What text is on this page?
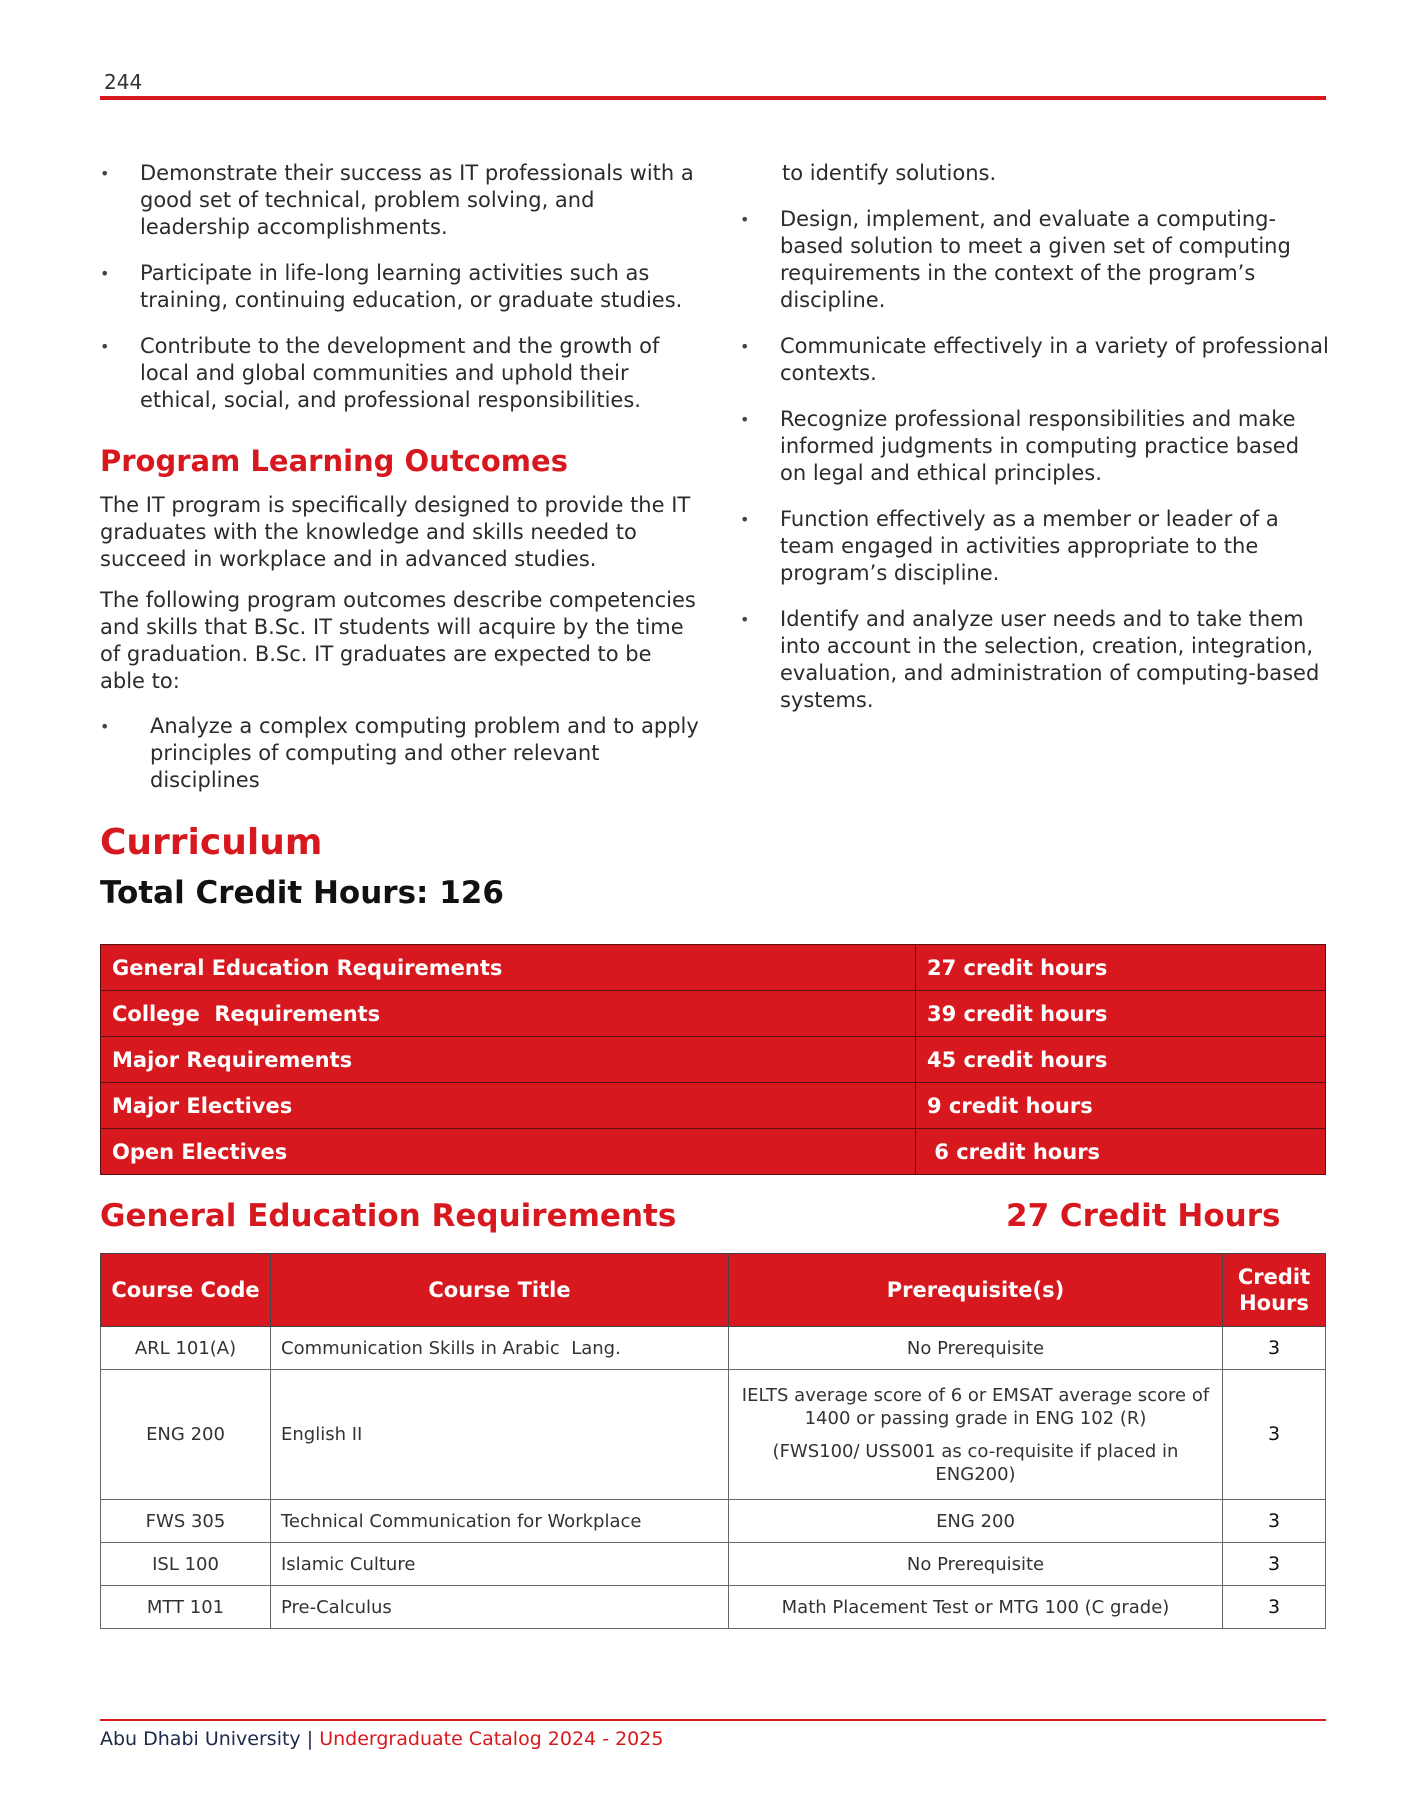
244
• Demonstrate their success as IT professionals with a good set of technical, problem solving, and leadership accomplishments.
• Participate in life-long learning activities such as training, continuing education, or graduate studies.
• Contribute to the development and the growth of local and global communities and uphold their ethical, social, and professional responsibilities.
Program Learning Outcomes

The IT program is specifically designed to provide the IT graduates with the knowledge and skills needed to succeed in workplace and in advanced studies.

The following program outcomes describe competencies and skills that B.Sc. IT students will acquire by the time of graduation. B.Sc. IT graduates are expected to be able to:

• Analyze a complex computing problem and to apply principles of computing and other relevant disciplines
to identify solutions.
• Design, implement, and evaluate a computing-based solution to meet a given set of computing requirements in the context of the program’s discipline.
• Communicate effectively in a variety of professional contexts.
• Recognize professional responsibilities and make informed judgments in computing practice based on legal and ethical principles.
• Function effectively as a member or leader of a team engaged in activities appropriate to the program’s discipline.
• Identify and analyze user needs and to take them into account in the selection, creation, integration, evaluation, and administration of computing-based systems.
Curriculum
Total Credit Hours: 126
General Education Requirements	27 credit hours
College  Requirements	39 credit hours
Major Requirements	45 credit hours
Major Electives	9 credit hours
Open Electives	6 credit hours
General Education Requirements	27 Credit Hours
Course Code	Course Title	Prerequisite(s)	Credit
Hours

ARL 101(A)	Communication Skills in Arabic  Lang.	No Prerequisite	3
ENG 200	English II	IELTS average score of 6 or EMSAT average score of 1400 or passing grade in ENG 102 (R)
(FWS100/ USS001 as co-requisite if placed in ENG200)	3
FWS 305	Technical Communication for Workplace	ENG 200	3
ISL 100	Islamic Culture	No Prerequisite	3
MTT 101	Pre-Calculus	Math Placement Test or MTG 100 (C grade)	3
Abu Dhabi University | Undergraduate Catalog 2024 - 2025
